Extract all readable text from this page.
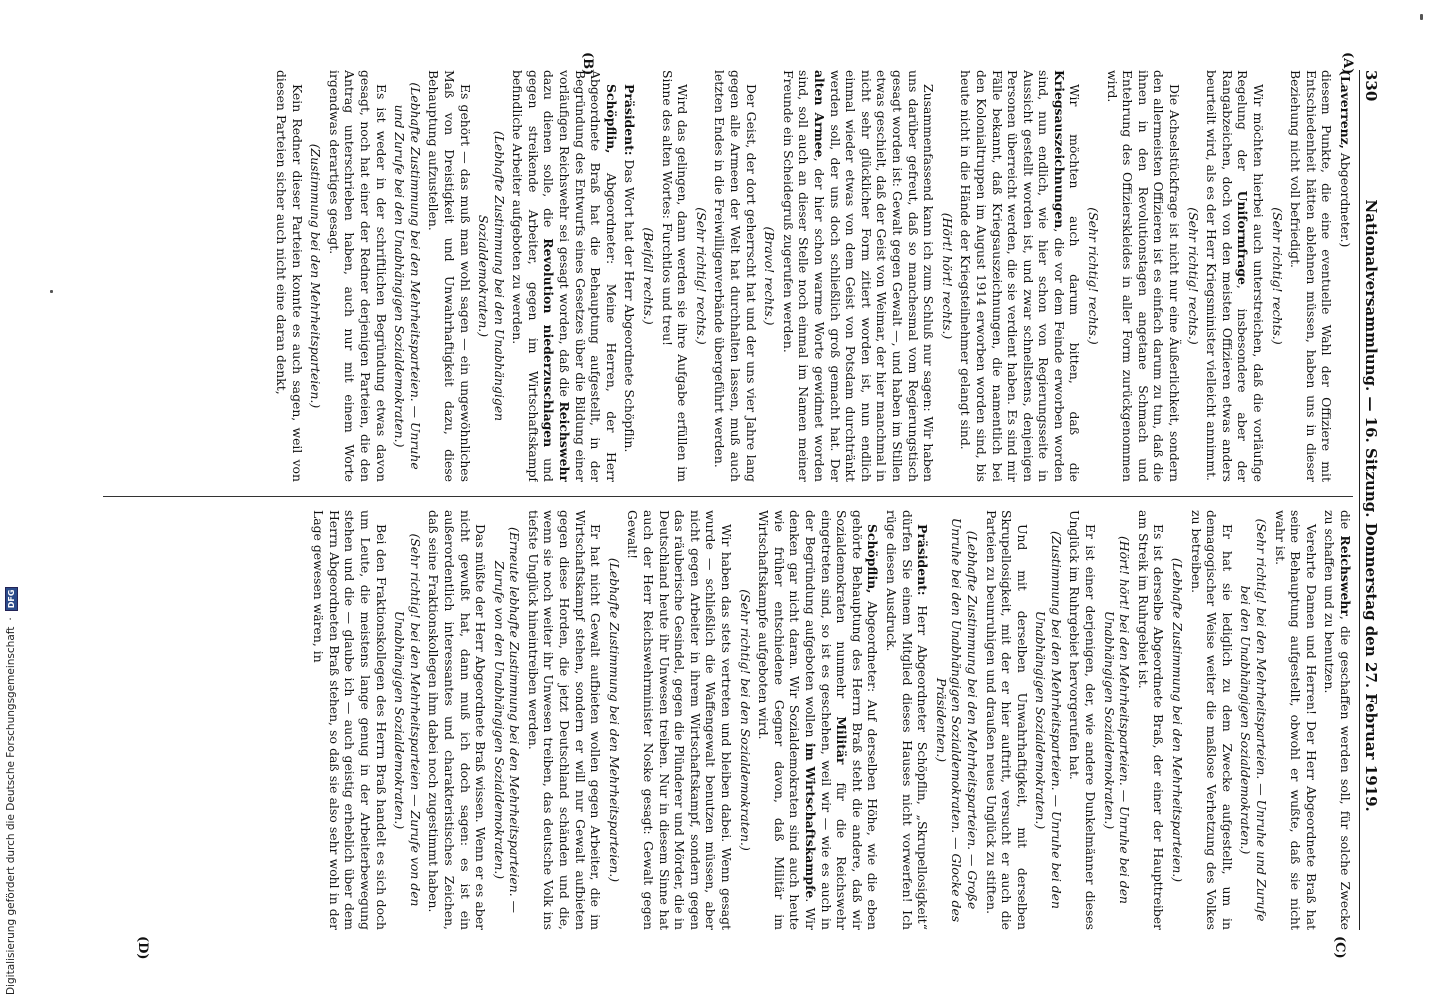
330
Nationalversammlung. — 16. Sitzung. Donnerstag den 27. Februar 1919.
(A)
(B)
(C)
(D)

(Laverrenz, Abgeordneter.)

diesem Punkte, die eine eventuelle Wahl der Offiziere mit Entschiedenheit hätten ablehnen müssen, haben uns in dieser Beziehung nicht voll befriedigt.

(Sehr richtig! rechts.)

Wir möchten hierbei auch unterstreichen, daß die vorläufige Regelung der Uniformfrage, insbesondere aber der Rangabzeichen, doch von den meisten Offizieren etwas anders beurteilt wird, als es der Herr Kriegsminister vielleicht annimmt.

(Sehr richtig! rechts.)

Die Achselstückfrage ist nicht nur eine Äußerlichkeit, sondern den allermeisten Offizieren ist es einfach darum zu tun, daß die ihnen in den Revolutionstagen angetane Schmach und Entehrung des Offizierskleides in aller Form zurückgenommen wird.

(Sehr richtig! rechts.)

Wir möchten auch darum bitten, daß die Kriegsauszeichnungen, die vor dem Feinde erworben worden sind, nun endlich, wie hier schon von Regierungsseite in Aussicht gestellt worden ist, und zwar schnellstens, denjenigen Personen überreicht werden, die sie verdient haben. Es sind mir Fälle bekannt, daß Kriegsauszeichnungen, die namentlich bei den Kolonialtruppen im August 1914 erworben worden sind, bis heute nicht in die Hände der Kriegsteilnehmer gelangt sind.

(Hört! hört! rechts.)

Zusammenfassend kann ich zum Schluß nur sagen: Wir haben uns darüber gefreut, daß so manchesmal vom Regierungstisch gesagt worden ist: Gewalt gegen Gewalt —, und haben im Stillen etwas geschielt, daß der Geist von Weimar, der hier manchmal in nicht sehr glücklicher Form zitiert worden ist, nun endlich einmal wieder etwas von dem Geist von Potsdam durchtränkt werden soll, der uns doch schließlich groß gemacht hat. Der alten Armee, der hier schon warme Worte gewidmet worden sind, soll auch an dieser Stelle noch einmal im Namen meiner Freunde ein Scheidegruß zugerufen werden.

(Bravo! rechts.)

Der Geist, der dort geherrscht hat und der uns vier Jahre lang gegen alle Armeen der Welt hat durchhalten lassen, muß auch letzten Endes in die Freiwilligenverbände übergeführt werden.

(Sehr richtig! rechts.)

Wird das gelingen, dann werden sie ihre Aufgabe erfüllen im Sinne des alten Wortes: Furchtlos und treu!

(Beifall rechts.)

Präsident: Das Wort hat der Herr Abgeordnete Schöpflin.

Schöpflin, Abgeordneter: Meine Herren, der Herr Abgeordnete Braß hat die Behauptung aufgestellt, in der Begründung des Entwurfs eines Gesetzes über die Bildung einer vorläufigen Reichswehr sei gesagt worden, daß die Reichswehr dazu dienen solle, die Revolution niederzuschlagen und gegen streikende Arbeiter, gegen im Wirtschaftskampf befindliche Arbeiter aufgeboten zu werden.

(Lebhafte Zustimmung bei den Unabhängigen Sozialdemokraten.)

Es gehört — das muß man wohl sagen — ein ungewöhnliches Maß von Dreistigkeit und Unwahrhaftigkeit dazu, diese Behauptung aufzustellen.

(Lebhafte Zustimmung bei den Mehrheitsparteien. — Unruhe und Zurufe bei den Unabhängigen Sozialdemokraten.)

Es ist weder in der schriftlichen Begründung etwas davon gesagt, noch hat einer der Redner derjenigen Parteien, die den Antrag unterschrieben haben, auch nur mit einem Worte irgendwas derartiges gesagt.

(Zustimmung bei den Mehrheitsparteien.)

Kein Redner dieser Parteien konnte es auch sagen, weil von diesen Parteien sicher auch nicht eine daran denkt,

die Reichswehr, die geschaffen werden soll, für solche Zwecke zu schaffen und zu benutzen.

Verehrte Damen und Herren! Der Herr Abgeordnete Braß hat seine Behauptung aufgestellt, obwohl er wußte, daß sie nicht wahr ist.

(Sehr richtig! bei den Mehrheitsparteien. — Unruhe und Zurufe bei den Unabhängigen Sozialdemokraten.)

Er hat sie lediglich zu dem Zwecke aufgestellt, um in demagogischer Weise weiter die maßlose Verhetzung des Volkes zu betreiben.

(Lebhafte Zustimmung bei den Mehrheitsparteien.)

Es ist derselbe Abgeordnete Braß, der einer der Haupttreiber am Streik im Ruhrgebiet ist.

(Hört! hört! bei den Mehrheitsparteien. — Unruhe bei den Unabhängigen Sozialdemokraten.)

Er ist einer derjenigen, der, wie andere Dunkelmänner dieses Unglück im Ruhrgebiet hervorgerufen hat.

(Zustimmung bei den Mehrheitsparteien. — Unruhe bei den Unabhängigen Sozialdemokraten.)

Und mit derselben Unwahrhaftigkeit, mit derselben Skrupellosigkeit, mit der er hier auftritt, versucht er auch die Parteien zu beunruhigen und draußen neues Unglück zu stiften.

(Lebhafte Zustimmung bei den Mehrheitsparteien. — Große Unruhe bei den Unabhängigen Sozialdemokraten. — Glocke des Präsidenten.)

Präsident: Herr Abgeordneter Schöpflin, „Skrupellosigkeit“ dürfen Sie einem Mitglied dieses Hauses nicht vorwerfen! Ich rüge diesen Ausdruck.

Schöpflin, Abgeordneter: Auf derselben Höhe, wie die eben gehörte Behauptung des Herrn Braß steht die andere, daß wir Sozialdemokraten nunmehr Militär für die Reichswehr eingetreten sind, so ist es geschehen, weil wir — wie es auch in der Begründung aufgeboten wollen im Wirtschaftskampfe. Wir denken gar nicht daran. Wir Sozialdemokraten sind auch heute wie früher entschiedene Gegner davon, daß Militär im Wirtschaftskampfe aufgeboten wird.

(Sehr richtig! bei den Sozialdemokraten.)

Wir haben das stets vertreten und bleiben dabei. Wenn gesagt wurde — schließlich die Waffengewalt benutzen müssen, aber nicht gegen Arbeiter in ihrem Wirtschaftskampf, sondern gegen das räuberische Gesindel, gegen die Plünderer und Mörder, die in Deutschland heute ihr Unwesen treiben. Nur in diesem Sinne hat auch der Herr Reichswehrminister Noske gesagt: Gewalt gegen Gewalt!

(Lebhafte Zustimmung bei den Mehrheitsparteien.)

Er hat nicht Gewalt aufbieten wollen gegen Arbeiter, die im Wirtschaftskampf stehen, sondern er will nur Gewalt aufbieten gegen diese Horden, die jetzt Deutschland schänden und die, wenn sie noch weiter ihr Unwesen treiben, das deutsche Volk ins tiefste Unglück hineintreiben werden.

(Erneute lebhafte Zustimmung bei den Mehrheitsparteien. — Zurufe von den Unabhängigen Sozialdemokraten.)

Das müßte der Herr Abgeordnete Braß wissen. Wenn er es aber nicht gewußt hat, dann muß ich doch sagen: es ist ein außerordentlich interessantes und charakteristisches Zeichen, daß seine Fraktionskollegen ihm dabei noch zugestimmt haben.

(Sehr richtig! bei den Mehrheitsparteien — Zurufe von den Unabhängigen Sozialdemokraten.)

Bei den Fraktionskollegen des Herrn Braß handelt es sich doch um Leute, die meistens lange genug in der Arbeiterbewegung stehen und die — glaube ich — auch geistig erheblich über dem Herrn Abgeordneten Braß stehen, so daß sie also sehr wohl in der Lage gewesen wären, in

Digitalisierung gefördert durch die Deutsche Forschungsgemeinschaft
·
DFG
